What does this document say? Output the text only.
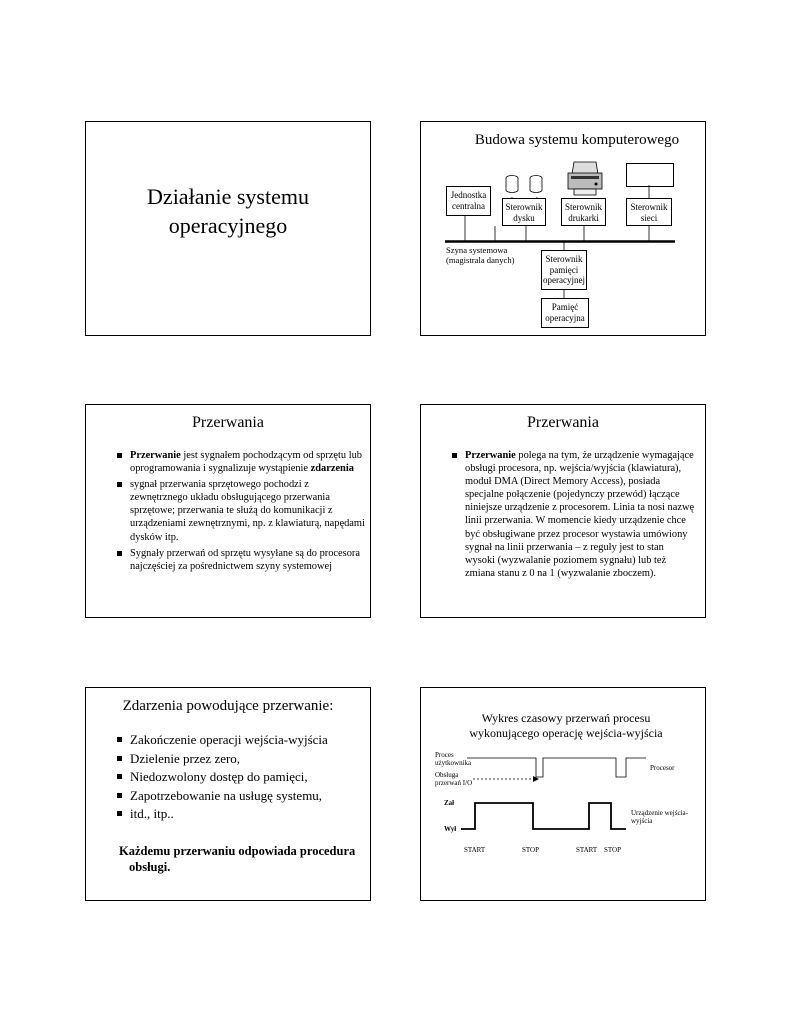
Działanie systemu operacyjnego
Budowa systemu komputerowego
Jednostka centralna	Sterownik dysku
Sterownik drukarki
Sterownik sieci
Szyna systemowa (magistrala danych)	Sterownik pamięci operacyjnej
Pamięć operacyjna
Przerwania
Przerwanie jest sygnałem pochodzącym od sprzętu lub oprogramowania i sygnalizuje wystąpienie zdarzenia
sygnał przerwania sprzętowego pochodzi z zewnętrznego układu obsługującego przerwania sprzętowe; przerwania te służą do komunikacji z urządzeniami zewnętrznymi, np. z klawiaturą, napędami dysków itp.
Sygnały przerwań od sprzętu wysyłane są do procesora najczęściej za pośrednictwem szyny systemowej
Przerwania
Przerwanie polega na tym, że urządzenie wymagające obsługi procesora, np. wejścia/wyjścia (klawiatura), moduł DMA (Direct Memory Access), posiada specjalne połączenie (pojedynczy przewód) łączące niniejsze urządzenie z procesorem. Linia ta nosi nazwę linii przerwania. W momencie kiedy urządzenie chce być obsługiwane przez procesor wystawia umówiony sygnał na linii przerwania – z reguły jest to stan wysoki (wyzwalanie poziomem sygnału) lub też zmiana stanu z 0 na 1 (wyzwalanie zboczem).
Zdarzenia powodujące przerwanie:
Zakończenie operacji wejścia-wyjścia
Dzielenie przez zero,
Niedozwolony dostęp do pamięci,
Zapotrzebowanie na usługę systemu,
itd., itp..
Każdemu przerwaniu odpowiada procedura obsługi.
Wykres czasowy przerwań procesu
wykonującego operację wejścia-wyjścia
Proces użytkownika
Obsługa przerwań I/O
Procesor
Zał
Wył
Urządzenie wejścia-wyjścia
START	STOP	START STOP
